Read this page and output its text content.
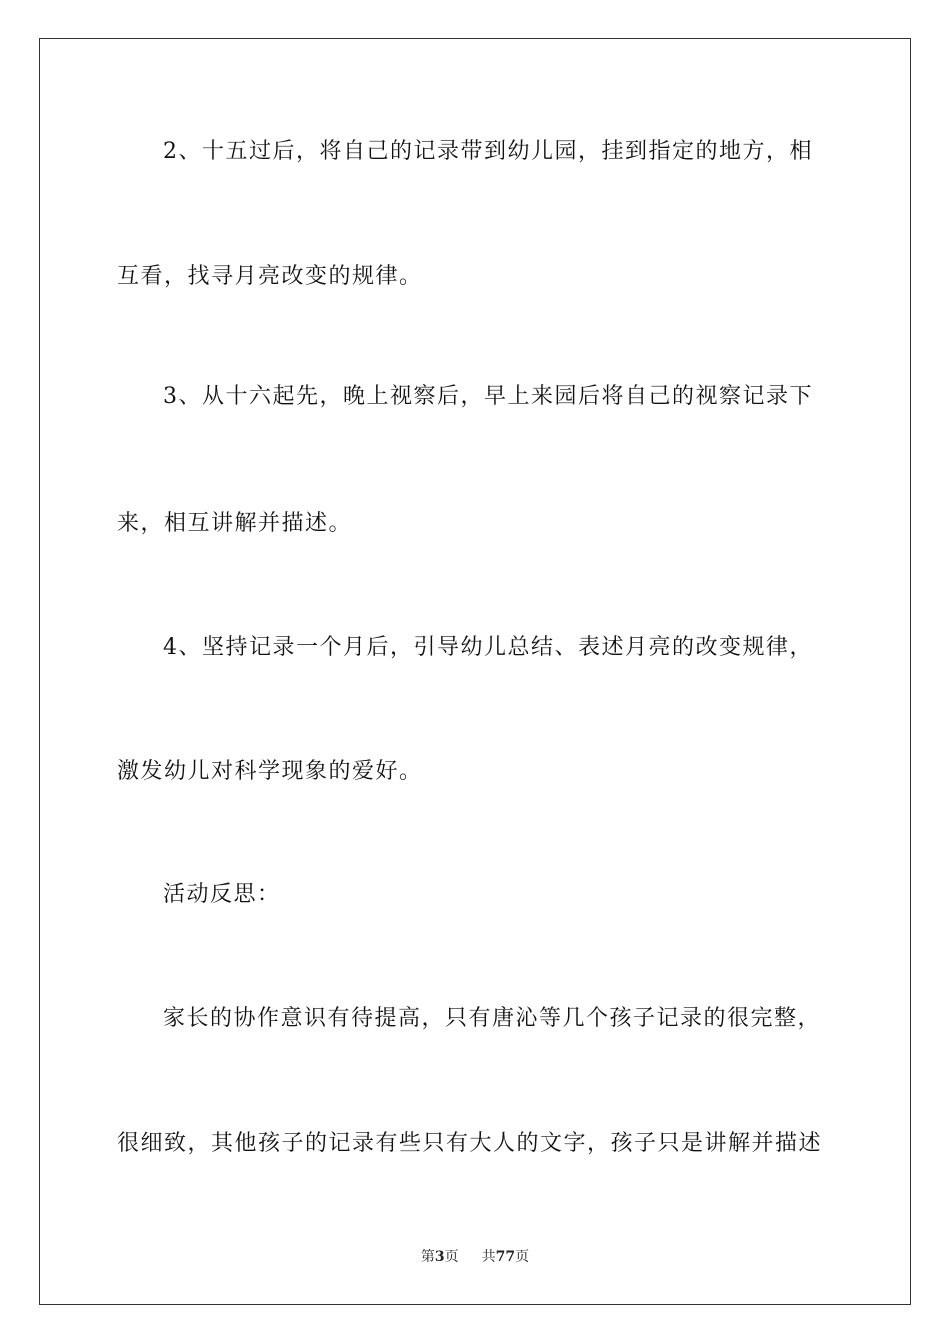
2、十五过后，将自己的记录带到幼儿园，挂到指定的地方，相
互看，找寻月亮改变的规律。
3、从十六起先，晚上视察后，早上来园后将自己的视察记录下
来，相互讲解并描述。
4、坚持记录一个月后，引导幼儿总结、表述月亮的改变规律，
激发幼儿对科学现象的爱好。
活动反思：
家长的协作意识有待提高，只有唐沁等几个孩子记录的很完整，
很细致，其他孩子的记录有些只有大人的文字，孩子只是讲解并描述
第3页 共77页
